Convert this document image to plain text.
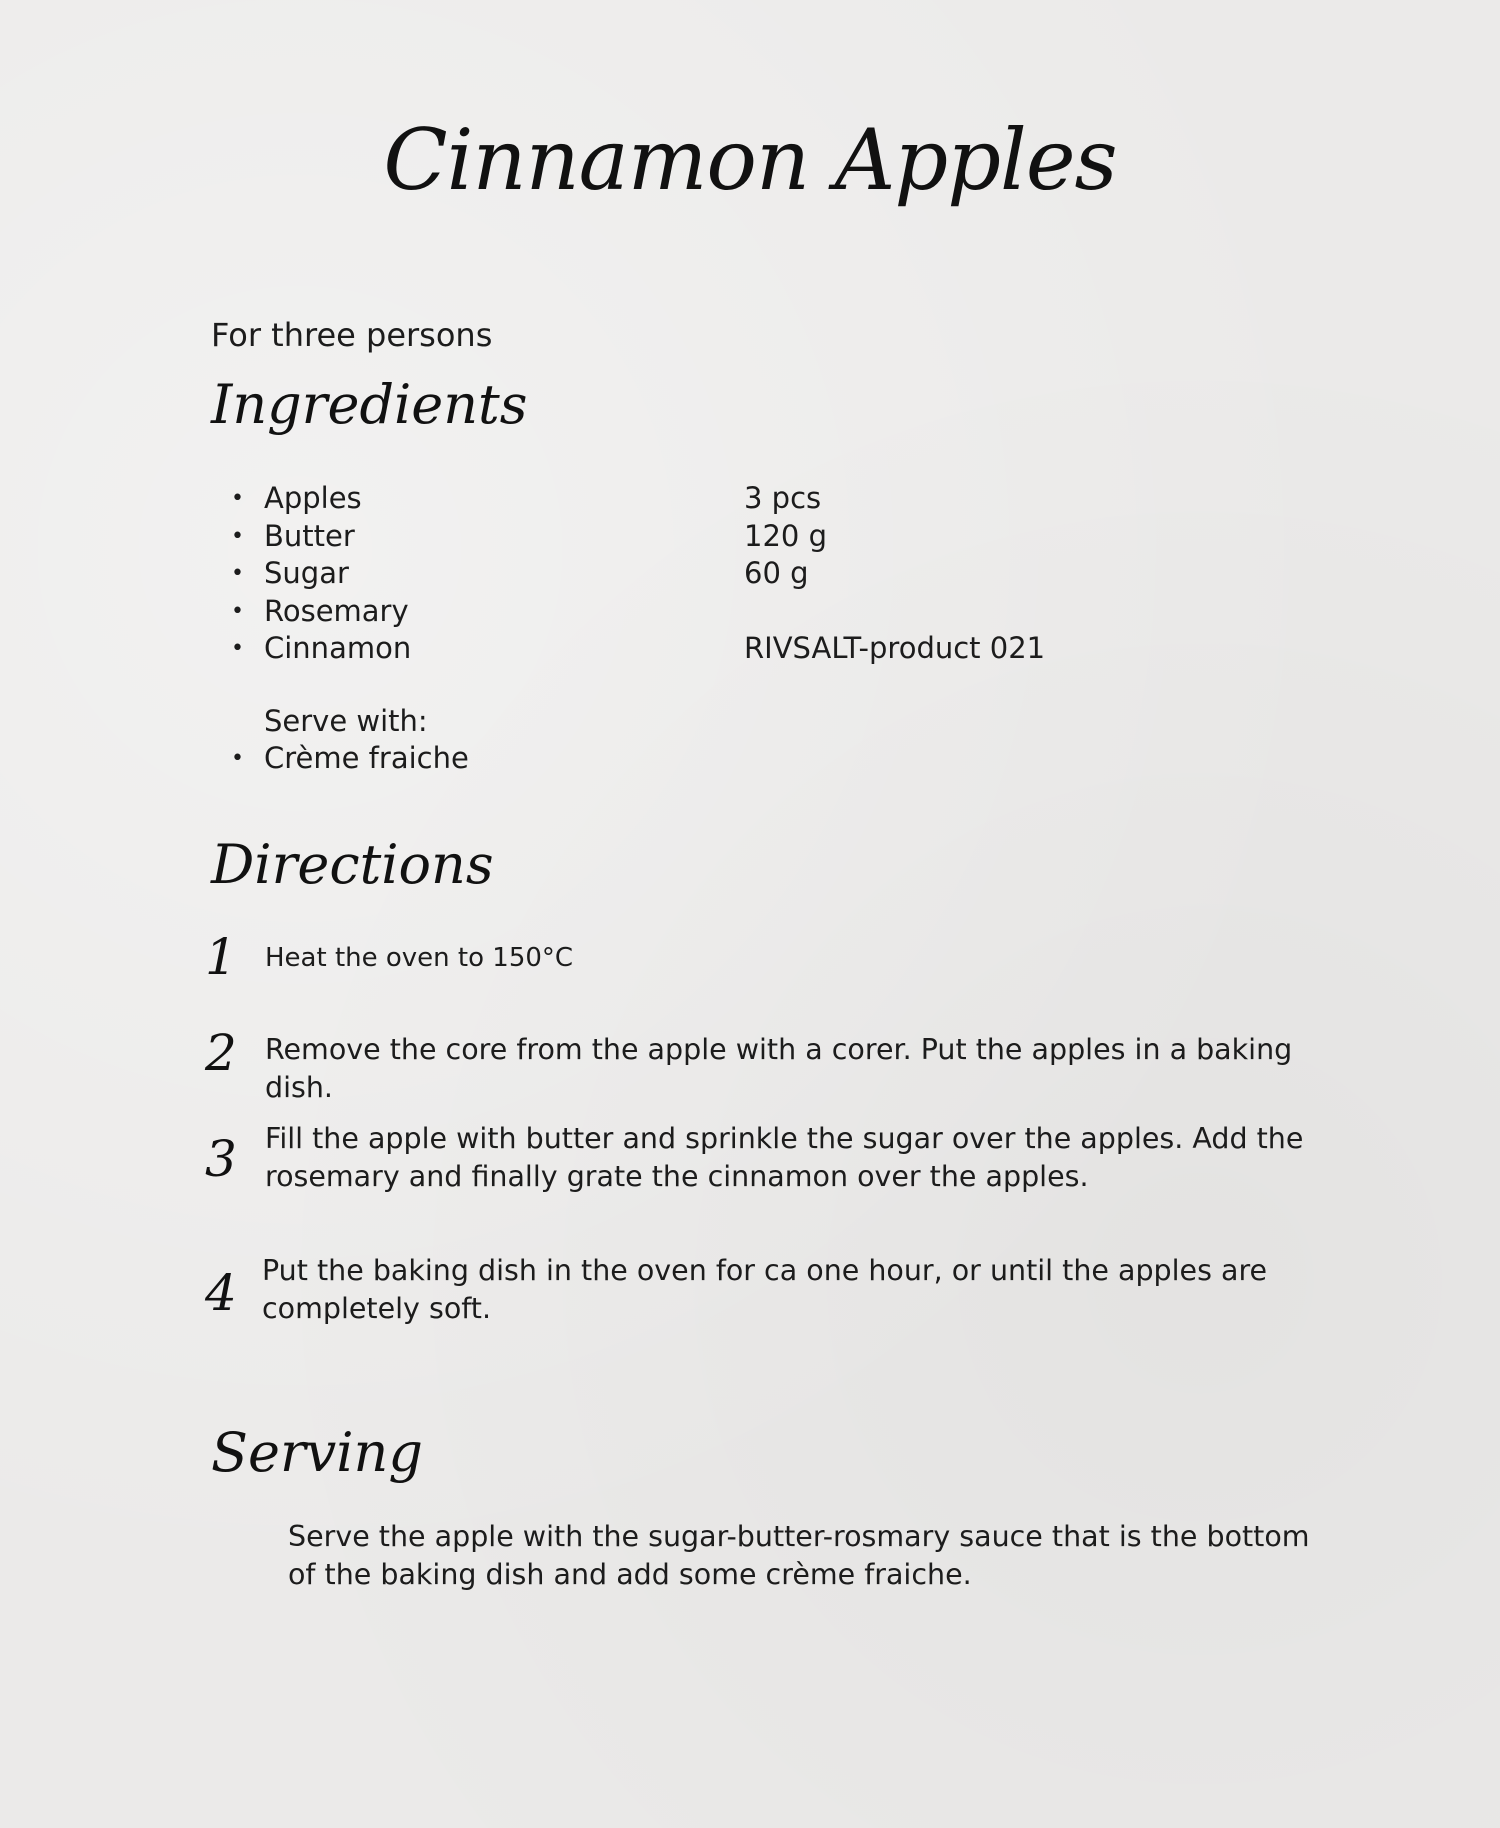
Cinnamon Apples

For three persons

Ingredients
• Apples	3 pcs
• Butter	120 g
• Sugar	60 g
• Rosemary
• Cinnamon	RIVSALT-product 021

Serve with:

• Crème fraiche
Directions
1 Heat the oven to 150°C

2 Remove the core from the apple with a corer. Put the apples in a baking dish.

3 Fill the apple with butter and sprinkle the sugar over the apples. Add the rosemary and finally grate the cinnamon over the apples.

4 Put the baking dish in the oven for ca one hour, or until the apples are completely soft.

Serving

Serve the apple with the sugar-butter-rosmary sauce that is the bottom of the baking dish and add some crème fraiche.
